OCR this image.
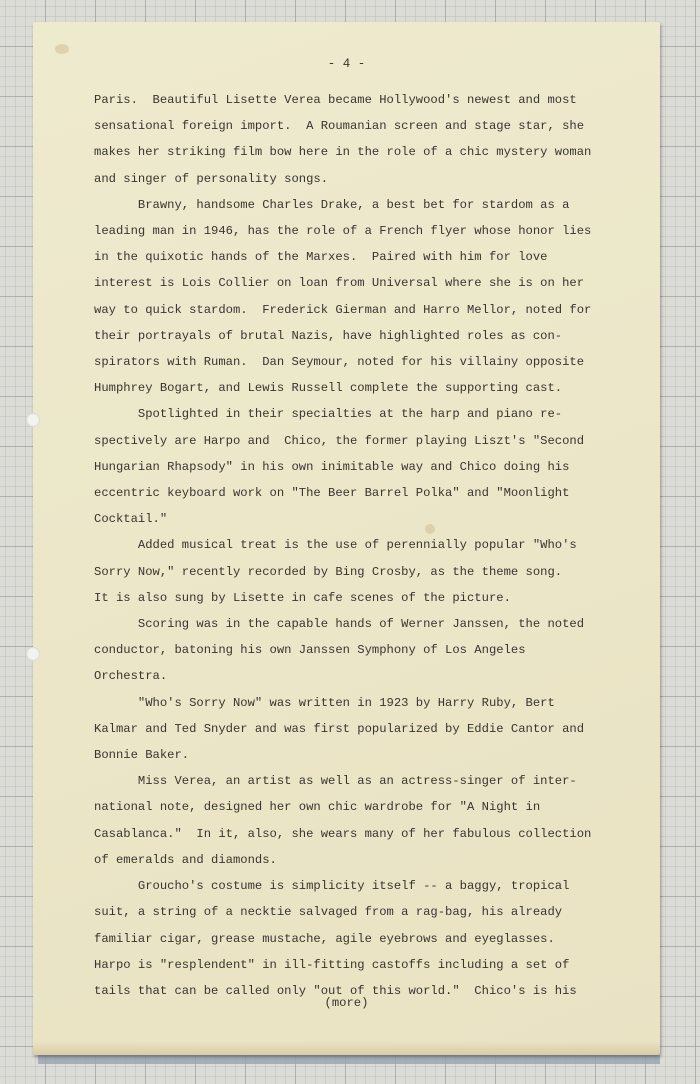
- 4 -

Paris.  Beautiful Lisette Verea became Hollywood's newest and most

sensational foreign import.  A Roumanian screen and stage star, she

makes her striking film bow here in the role of a chic mystery woman

and singer of personality songs.

Brawny, handsome Charles Drake, a best bet for stardom as a

leading man in 1946, has the role of a French flyer whose honor lies

in the quixotic hands of the Marxes.  Paired with him for love

interest is Lois Collier on loan from Universal where she is on her

way to quick stardom.  Frederick Gierman and Harro Mellor, noted for

their portrayals of brutal Nazis, have highlighted roles as con-

spirators with Ruman.  Dan Seymour, noted for his villainy opposite

Humphrey Bogart, and Lewis Russell complete the supporting cast.

Spotlighted in their specialties at the harp and piano re-

spectively are Harpo and  Chico, the former playing Liszt's "Second

Hungarian Rhapsody" in his own inimitable way and Chico doing his

eccentric keyboard work on "The Beer Barrel Polka" and "Moonlight

Cocktail."

Added musical treat is the use of perennially popular "Who's

Sorry Now," recently recorded by Bing Crosby, as the theme song.

It is also sung by Lisette in cafe scenes of the picture.

Scoring was in the capable hands of Werner Janssen, the noted

conductor, batoning his own Janssen Symphony of Los Angeles

Orchestra.

"Who's Sorry Now" was written in 1923 by Harry Ruby, Bert

Kalmar and Ted Snyder and was first popularized by Eddie Cantor and

Bonnie Baker.

Miss Verea, an artist as well as an actress-singer of inter-

national note, designed her own chic wardrobe for "A Night in

Casablanca."  In it, also, she wears many of her fabulous collection

of emeralds and diamonds.

Groucho's costume is simplicity itself -- a baggy, tropical

suit, a string of a necktie salvaged from a rag-bag, his already

familiar cigar, grease mustache, agile eyebrows and eyeglasses.

Harpo is "resplendent" in ill-fitting castoffs including a set of

tails that can be called only "out of this world."  Chico's is his

(more)
